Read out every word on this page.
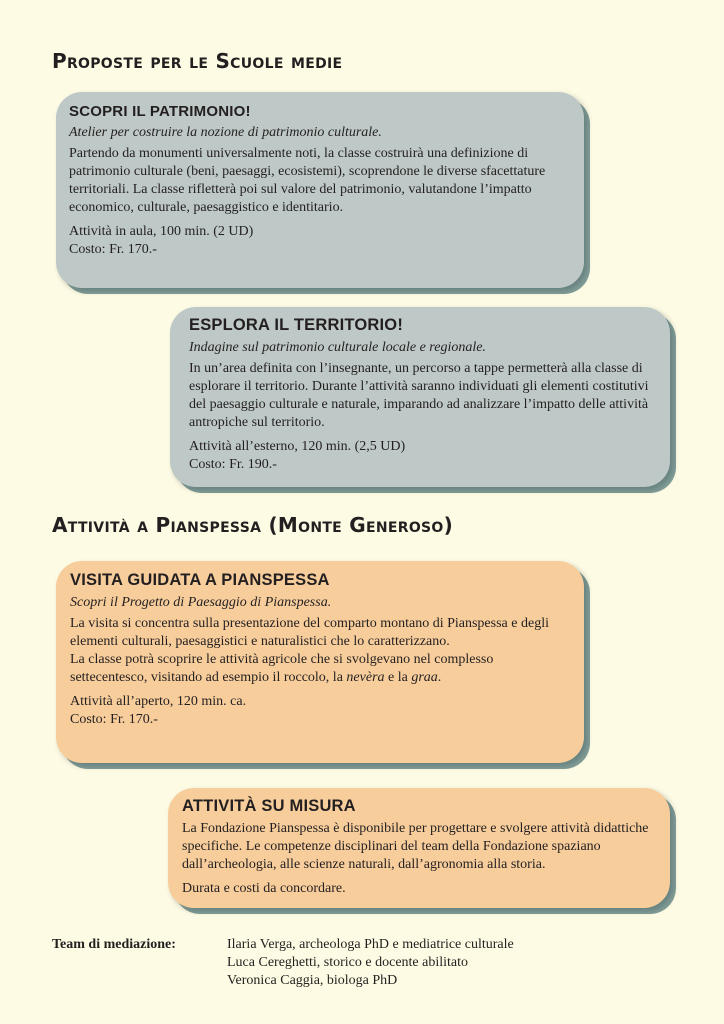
Proposte per le Scuole medie
SCOPRI IL PATRIMONIO!
Atelier per costruire la nozione di patrimonio culturale.

Partendo da monumenti universalmente noti, la classe costruirà una definizione di patrimonio culturale (beni, paesaggi, ecosistemi), scoprendone le diverse sfacettature territoriali. La classe rifletterà poi sul valore del patrimonio, valutandone l’impatto economico, culturale, paesaggistico e identitario.

Attività in aula, 100 min. (2 UD)

Costo: Fr. 170.-

ESPLORA IL TERRITORIO!
Indagine sul patrimonio culturale locale e regionale.

In un’area definita con l’insegnante, un percorso a tappe permetterà alla classe di esplorare il territorio. Durante l’attività saranno individuati gli elementi costitutivi del paesaggio culturale e naturale, imparando ad analizzare l’impatto delle attività antropiche sul territorio.

Attività all’esterno, 120 min. (2,5 UD)

Costo: Fr. 190.-

Attività a Pianspessa (Monte Generoso)
VISITA GUIDATA A PIANSPESSA
Scopri il Progetto di Paesaggio di Pianspessa.

La visita si concentra sulla presentazione del comparto montano di Pianspessa e degli elementi culturali, paesaggistici e naturalistici che lo caratterizzano.

La classe potrà scoprire le attività agricole che si svolgevano nel complesso settecentesco, visitando ad esempio il roccolo, la nevèra e la graa.

Attività all’aperto, 120 min. ca.

Costo: Fr. 170.-

ATTIVITÀ SU MISURA

La Fondazione Pianspessa è disponibile per progettare e svolgere attività didattiche specifiche. Le competenze disciplinari del team della Fondazione spaziano dall’archeologia, alle scienze naturali, dall’agronomia alla storia.

Durata e costi da concordare.

Team di mediazione:	Ilaria Verga, archeologa PhD e mediatrice culturale
Luca Cereghetti, storico e docente abilitato
Veronica Caggia, biologa PhD
